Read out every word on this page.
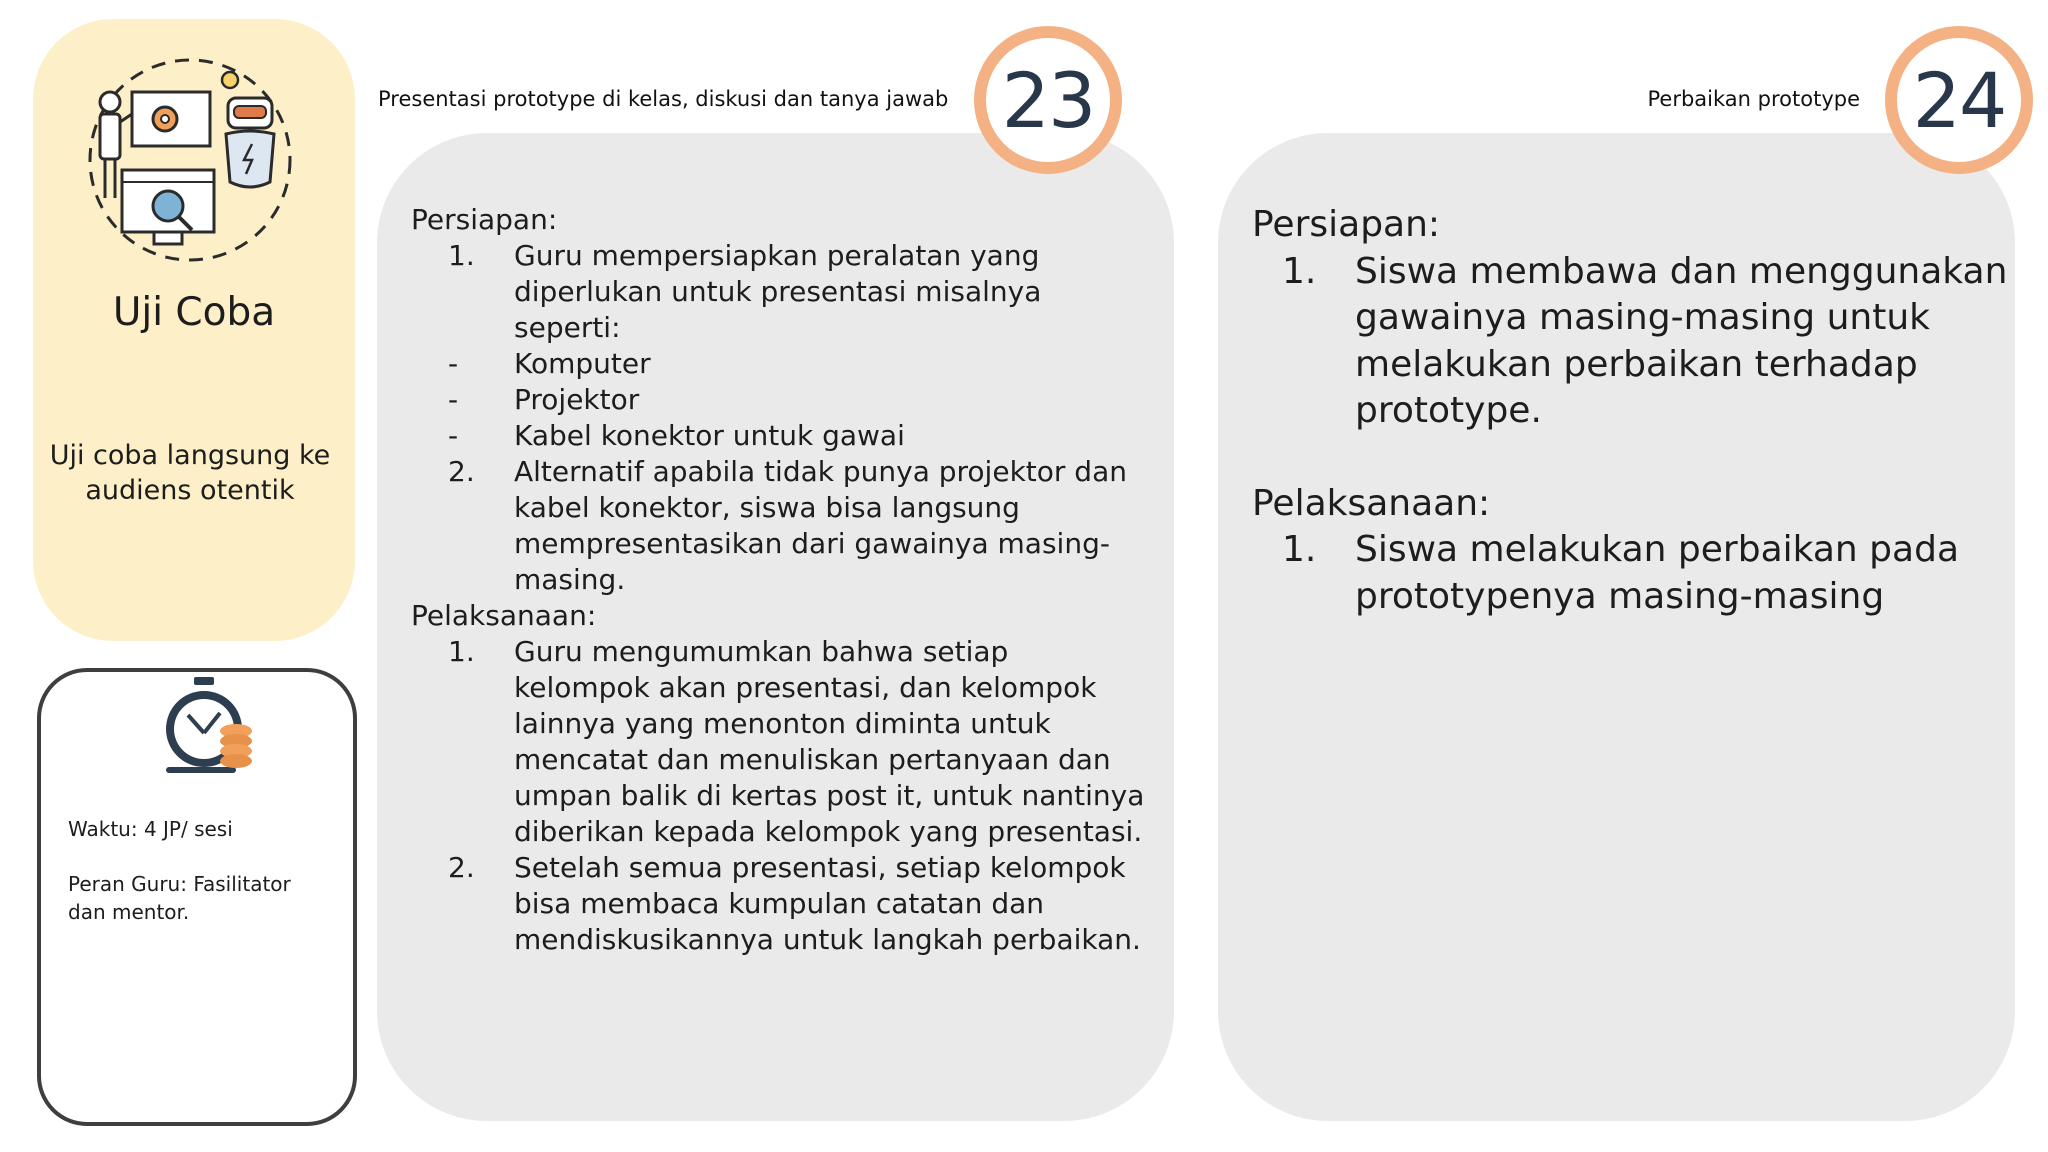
Uji Coba
Uji coba langsung ke audiens otentik
Waktu: 4 JP/ sesi
Peran Guru: Fasilitator dan mentor.
Presentasi prototype di kelas, diskusi dan tanya jawab 23
Persiapan:
1.	Guru mempersiapkan peralatan yang diperlukan untuk presentasi misalnya seperti:
-	Komputer
-	Projektor
-	Kabel konektor untuk gawai
2.	Alternatif apabila tidak punya projektor dan kabel konektor, siswa bisa langsung mempresentasikan dari gawainya masing-masing.
Pelaksanaan:
1.	Guru mengumumkan bahwa setiap kelompok akan presentasi, dan kelompok lainnya yang menonton diminta untuk mencatat dan menuliskan pertanyaan dan umpan balik di kertas post it, untuk nantinya diberikan kepada kelompok yang presentasi.
2.	Setelah semua presentasi, setiap kelompok bisa membaca kumpulan catatan dan mendiskusikannya untuk langkah perbaikan.
Perbaikan prototype 24
Persiapan:
1.	Siswa membawa dan menggunakan gawainya masing-masing untuk melakukan perbaikan terhadap prototype.
Pelaksanaan:
1.	Siswa melakukan perbaikan pada prototypenya masing-masing
